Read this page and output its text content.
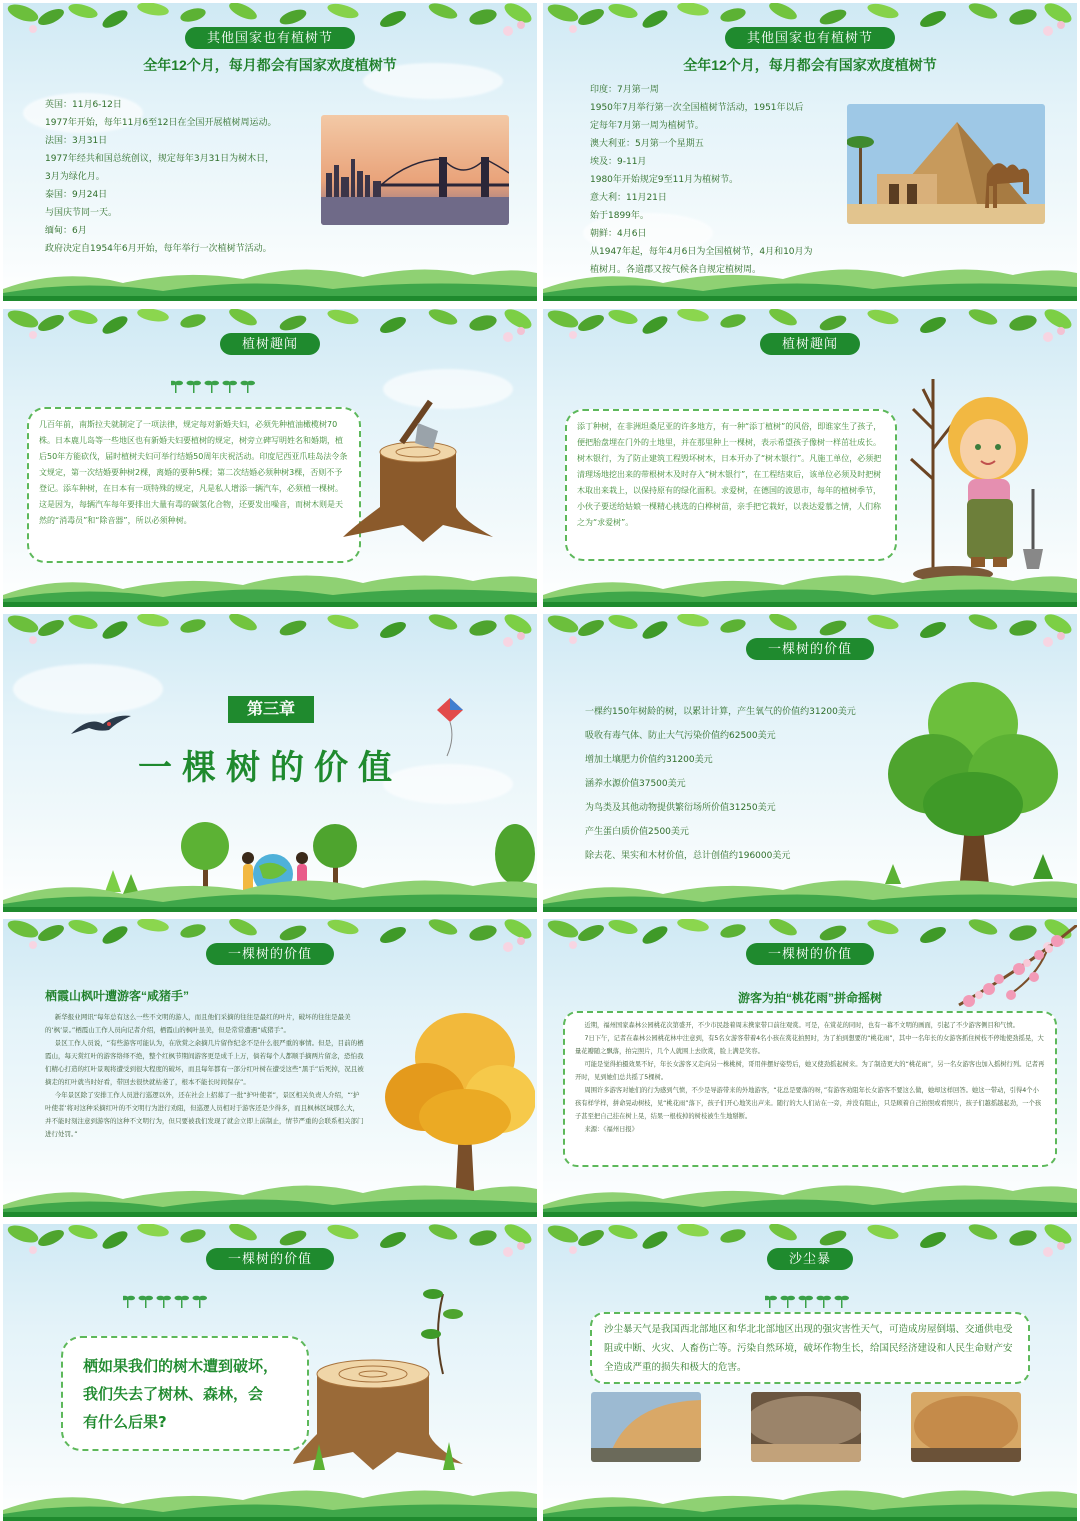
其他国家也有植树节
全年12个月，每月都会有国家欢度植树节
英国：11月6-12日
1977年开始，每年11月6至12日在全国开展植树周运动。
法国：3月31日
1977年经共和国总统创议，规定每年3月31日为树木日，
3月为绿化月。
泰国：9月24日
与国庆节同一天。
缅甸：6月
政府决定自1954年6月开始，每年举行一次植树节活动。
其他国家也有植树节
全年12个月，每月都会有国家欢度植树节
印度：7月第一周
1950年7月举行第一次全国植树节活动，1951年以后
定每年7月第一周为植树节。
澳大利亚：5月第一个星期五
埃及：9-11月
1980年开始规定9至11月为植树节。
意大利：11月21日
始于1899年。
朝鲜：4月6日
从1947年起，每年4月6日为全国植树节，4月和10月为
植树月。各道郡又按气候各自规定植树周。
植树趣闻
几百年前，南斯拉夫就制定了一项法律，规定每对新婚夫妇，必须先种植油橄榄树70株。日本鹿儿岛等一些地区也有新婚夫妇要植树的规定，树旁立碑写明姓名和婚期，植后50年方能砍伐，届时植树夫妇可举行结婚50周年庆祝活动。印度尼西亚爪哇岛法令条文规定，第一次结婚要种树2棵，离婚的要种5棵；第二次结婚必须种树3棵，否则不予登记。添车种树，在日本有一项特殊的规定，凡是私人增添一辆汽车，必须植一棵树。这是因为，每辆汽车每年要排出大量有毒的碳氢化合物，还要发出噪音，而树木则是天然的“消毒员”和“除音器”，所以必须种树。
植树趣闻
添丁种树，在非洲坦桑尼亚的许多地方，有一种“添丁植树”的风俗，即谁家生了孩子，便把胎盘埋在门外的土地里，并在那里种上一棵树，表示希望孩子像树一样茁壮成长。树木银行，为了防止建筑工程毁坏树木，日本开办了“树木银行”。凡施工单位，必须把清理场地挖出来的带根树木及时存入“树木银行”，在工程结束后，该单位必须及时把树木取出来栽上，以保持原有的绿化面积。求爱树，在德国的波恩市，每年的植树季节，小伙子要送给姑娘一棵精心挑选的白桦树苗，亲手把它栽好，以表达爱慕之情，人们称之为“求爱树”。
第三章
一棵树的价值
一棵树的价值
一棵约150年树龄的树，以累计计算，产生氧气的价值约31200美元
吸收有毒气体、防止大气污染价值约62500美元
增加土壤肥力价值约31200美元
涵养水源价值37500美元
为鸟类及其他动物提供繁衍场所价值31250美元
产生蛋白质价值2500美元
除去花、果实和木材价值，总计创值约196000美元
一棵树的价值
栖霞山枫叶遭游客“咸猪手”

新华报业网讯“每年总有这么一些不文明的游人，而且他们采摘的往往是最红的叶片，破坏的往往是最美的‘枫’景。”栖霞山工作人员向记者介绍，栖霞山的枫叶虽美，但是常常遭遇“咸猪手”。

景区工作人员说，“有些游客可能认为，在欣赏之余摘几片留作纪念不是什么很严重的事情。但是，目前的栖霞山，每天赏红叶的游客络绎不绝，整个红枫节期间游客更是成千上万，倘若每个人都顺手摘两片留念，恐怕我们精心打造的红叶景观将遭受到很大程度的破坏，而且每年都有一部分红叶树在遭受这些“黑手”后死掉，况且被摘走的红叶就当时好看，带回去很快就枯萎了，根本不能长时间保存”。

今年景区除了安排工作人员进行巡逻以外，还在社会上招募了一批“护叶使者”，景区相关负责人介绍，“‘护叶使者’将对这种采摘红叶的不文明行为进行劝阻，但巡逻人员相对于游客还是少得多，而且枫林区域那么大，并不能时刻注意到游客的这种不文明行为，但只要被我们发现了就会立即上前制止，情节严重的会联系相关部门进行处罚。”

一棵树的价值
游客为拍“桃花雨”拼命摇树

近期，福州国家森林公园桃花次第盛开，不少市民趁着周末携家带口前往观赏。可是，在赏花的同时，也有一幕不文明的画面，引起了不少游客侧目和气愤。

7日下午，记者在森林公园桃花林中注意到，有5名女游客带着4名小孩在赏花拍照时，为了拍到想要的“桃花雨”，其中一名年长的女游客抓住树枝不停地使劲摇晃，大量花瓣随之飘落，拍完照片，几个人就围上去欣赏，脸上满是笑容。

可能是觉得拍摄效果不好，年长女游客又走向另一株桃树，哥用伴摆好姿势后，她又使劲摇起树来。为了制造更大的“桃花雨”，另一名女游客也加入摇树行列。记者再开时，见到她们总共摇了5棵树。

周围许多游客对她们的行为感到气愤，不少是导游带来的外地游客，“花总是要落的呀，”有游客劝阻年长女游客不要这么做，她却这样回答。她这一带动，引得4个小孩有样学样，拼命晃动树枝，见“桃花雨”落下，孩子们开心地笑出声来。随行的大人们站在一旁，并没有阻止，只是顾着自己拍照或看照片，孩子们越摇越起劲，一个孩子甚至把自己挂在树上晃，结果一根枝掉的树枝被生生地掰断。

来源：《福州日报》

一棵树的价值
栖如果我们的树木遭到破坏，
我们失去了树林、森林，会
有什么后果?
沙尘暴
沙尘暴天气是我国西北部地区和华北北部地区出现的强灾害性天气，可造成房屋倒塌、交通供电受阻或中断、火灾、人畜伤亡等。污染自然环境，破坏作物生长，给国民经济建设和人民生命财产安全造成严重的损失和极大的危害。
